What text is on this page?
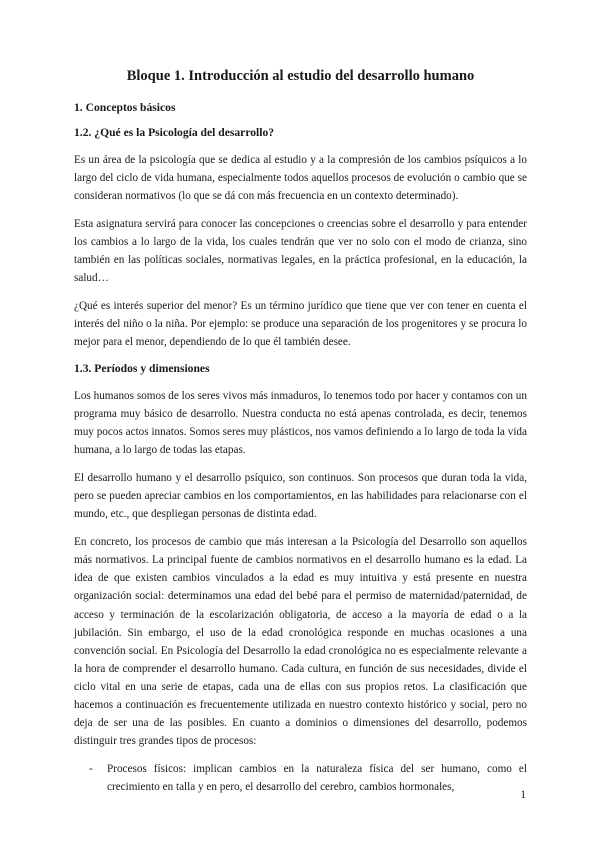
Bloque 1. Introducción al estudio del desarrollo humano
1. Conceptos básicos
1.2. ¿Qué es la Psicología del desarrollo?

Es un área de la psicología que se dedica al estudio y a la compresión de los cambios psíquicos a lo largo del ciclo de vida humana, especialmente todos aquellos procesos de evolución o cambio que se consideran normativos (lo que se dá con más frecuencia en un contexto determinado).

Esta asignatura servirá para conocer las concepciones o creencias sobre el desarrollo y para entender los cambios a lo largo de la vida, los cuales tendrán que ver no solo con el modo de crianza, sino también en las políticas sociales, normativas legales, en la práctica profesional, en la educación, la salud…

¿Qué es interés superior del menor? Es un término jurídico que tiene que ver con tener en cuenta el interés del niño o la niña. Por ejemplo: se produce una separación de los progenitores y se procura lo mejor para el menor, dependiendo de lo que él también desee.

1.3. Períodos y dimensiones

Los humanos somos de los seres vivos más inmaduros, lo tenemos todo por hacer y contamos con un programa muy básico de desarrollo. Nuestra conducta no está apenas controlada, es decir, tenemos muy pocos actos innatos. Somos seres muy plásticos, nos vamos definiendo a lo largo de toda la vida humana, a lo largo de todas las etapas.

El desarrollo humano y el desarrollo psíquico, son continuos. Son procesos que duran toda la vida, pero se pueden apreciar cambios en los comportamientos, en las habilidades para relacionarse con el mundo, etc., que despliegan personas de distinta edad.

En concreto, los procesos de cambio que más interesan a la Psicología del Desarrollo son aquellos más normativos. La principal fuente de cambios normativos en el desarrollo humano es la edad. La idea de que existen cambios vinculados a la edad es muy intuitiva y está presente en nuestra organización social: determinamos una edad del bebé para el permiso de maternidad/paternidad, de acceso y terminación de la escolarización obligatoria, de acceso a la mayoría de edad o a la jubilación. Sin embargo, el uso de la edad cronológica responde en muchas ocasiones a una convención social. En Psicología del Desarrollo la edad cronológica no es especialmente relevante a la hora de comprender el desarrollo humano. Cada cultura, en función de sus necesidades, divide el ciclo vital en una serie de etapas, cada una de ellas con sus propios retos. La clasificación que hacemos a continuación es frecuentemente utilizada en nuestro contexto histórico y social, pero no deja de ser una de las posibles. En cuanto a dominios o dimensiones del desarrollo, podemos distinguir tres grandes tipos de procesos:

- Procesos físicos: implican cambios en la naturaleza física del ser humano, como el crecimiento en talla y en pero, el desarrollo del cerebro, cambios hormonales,
1
